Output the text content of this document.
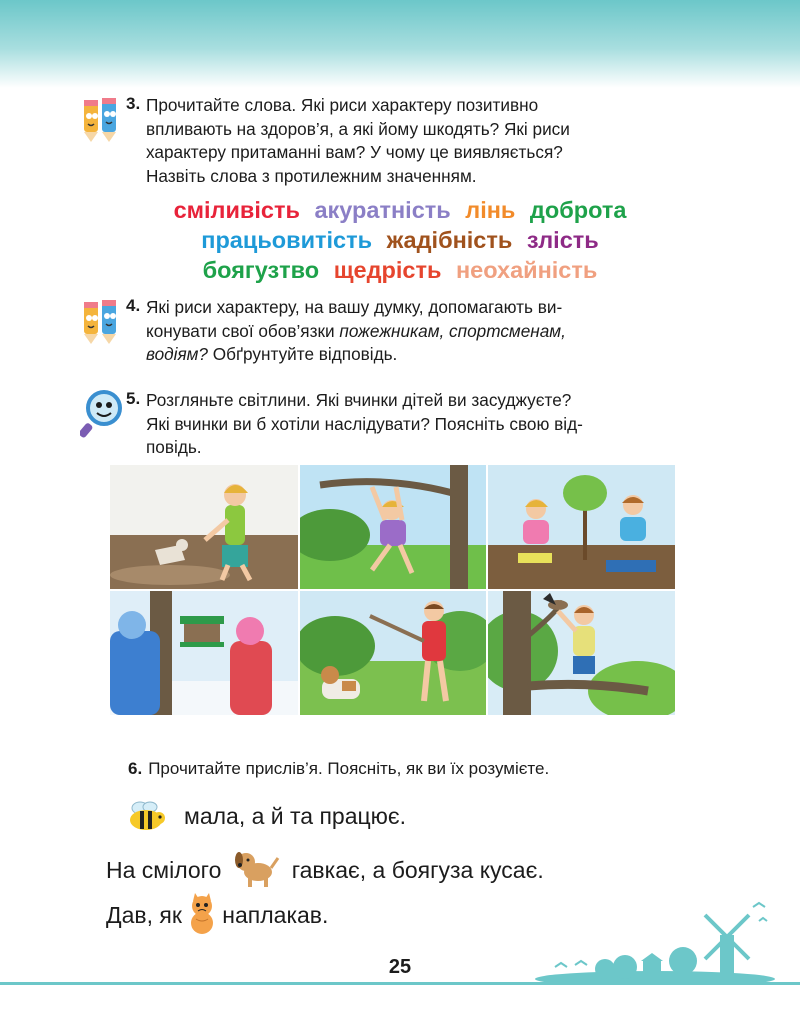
3. Прочитайте слова. Які риси характеру позитивно
впливають на здоров’я, а які йому шкодять? Які риси
характеру притаманні вам? У чому це виявляється?
Назвіть слова з протилежним значенням.
сміливість акуратність лінь доброта
працьовитість жадібність злість
боягузтво щедрість неохайність
4. Які риси характеру, на вашу думку, допомагають ви-
конувати свої обов’язки пожежникам, спортсменам,
водіям? Обґрунтуйте відповідь.
5. Розгляньте світлини. Які вчинки дітей ви засуджуєте?
Які вчинки ви б хотіли наслідувати? Поясніть свою від-
повідь.
6. Прочитайте прислів’я. Поясніть, як ви їх розумієте.
мала, а й та працює.
На смілого	гавкає, а боягуза кусає.
Дав, як наплакав.
25
